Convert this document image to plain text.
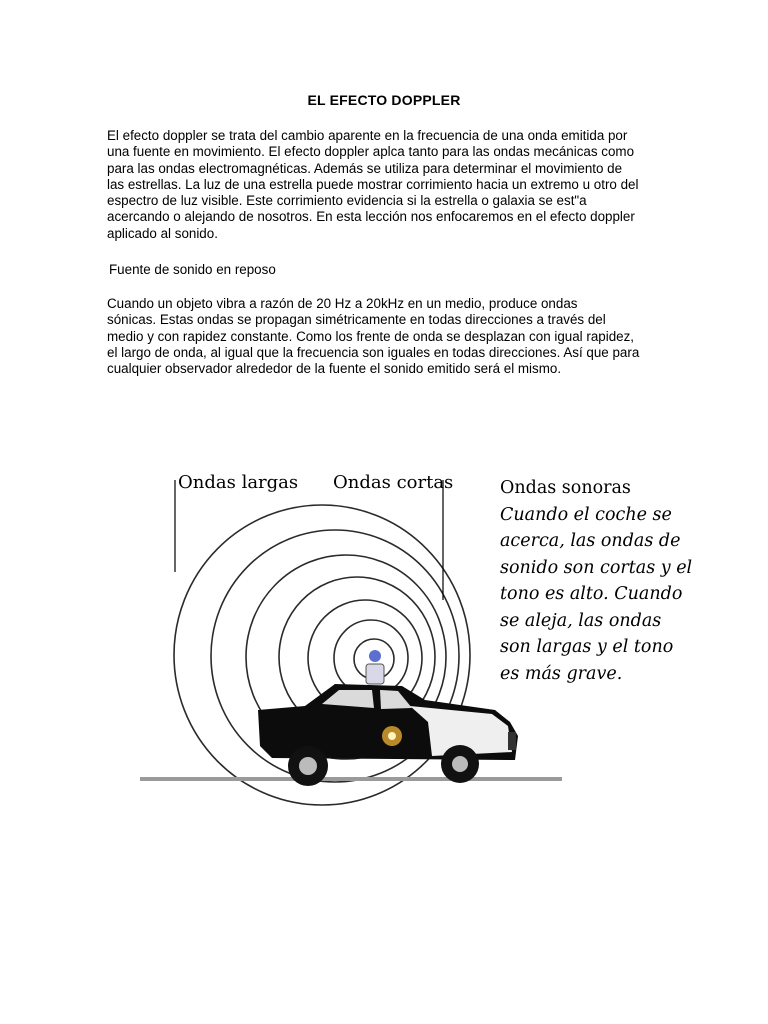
EL EFECTO DOPPLER
El efecto doppler se trata del cambio aparente en la frecuencia de una onda emitida por
una fuente en movimiento. El efecto doppler aplca tanto para las ondas mecánicas como
para las ondas electromagnéticas. Además se utiliza para determinar el movimiento de
las estrellas. La luz de una estrella puede mostrar corrimiento hacia un extremo u otro del
espectro de luz visible. Este corrimiento evidencia si la estrella o galaxia se est"a
acercando o alejando de nosotros. En esta lección nos enfocaremos en el efecto doppler
aplicado al sonido.
Fuente de sonido en reposo
Cuando un objeto vibra a razón de 20 Hz a 20kHz en un medio, produce ondas
sónicas. Estas ondas se propagan simétricamente en todas direcciones a través del
medio y con rapidez constante. Como los frente de onda se desplazan con igual rapidez,
el largo de onda, al igual que la frecuencia son iguales en todas direcciones. Así que para
cualquier observador alrededor de la fuente el sonido emitido será el mismo.
Ondas largas Ondas cortas	Ondas sonoras
Cuando el coche se
acerca, las ondas de
sonido son cortas y el
tono es alto. Cuando
se aleja, las ondas
son largas y el tono
es más grave.
